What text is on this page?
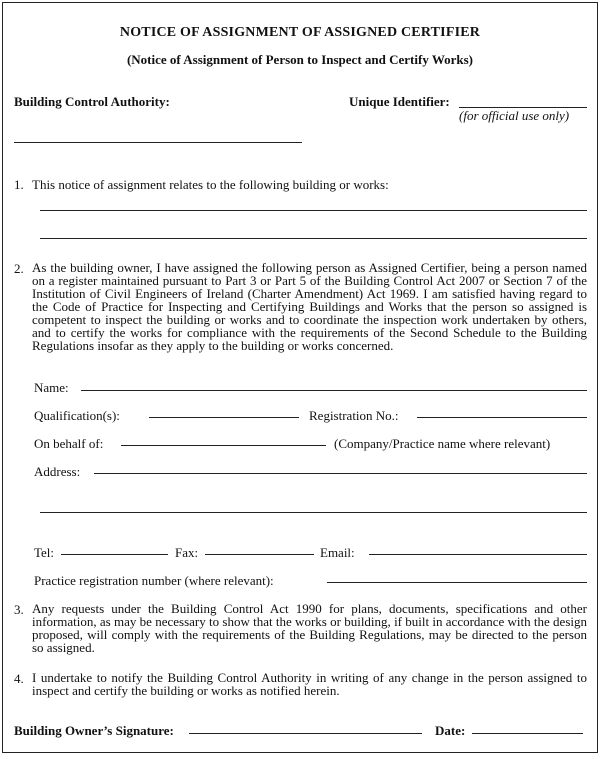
NOTICE OF ASSIGNMENT OF ASSIGNED CERTIFIER
(Notice of Assignment of Person to Inspect and Certify Works)
Building Control Authority:	Unique Identifier:
(for official use only)
1. This notice of assignment relates to the following building or works:
2. As the building owner, I have assigned the following person as Assigned Certifier, being a person named on a register maintained pursuant to Part 3 or Part 5 of the Building Control Act 2007 or Section 7 of the Institution of Civil Engineers of Ireland (Charter Amendment) Act 1969. I am satisfied having regard to the Code of Practice for Inspecting and Certifying Buildings and Works that the person so assigned is competent to inspect the building or works and to coordinate the inspection work undertaken by others, and to certify the works for compliance with the requirements of the Second Schedule to the Building Regulations insofar as they apply to the building or works concerned.
Name:
Qualification(s):	Registration No.:
On behalf of:	(Company/Practice name where relevant)
Address:
Tel:	Fax:	Email:
Practice registration number (where relevant):
3. Any requests under the Building Control Act 1990 for plans, documents, specifications and other information, as may be necessary to show that the works or building, if built in accordance with the design proposed, will comply with the requirements of the Building Regulations, may be directed to the person so assigned.
4. I undertake to notify the Building Control Authority in writing of any change in the person assigned to inspect and certify the building or works as notified herein.
Building Owner’s Signature:	Date:
